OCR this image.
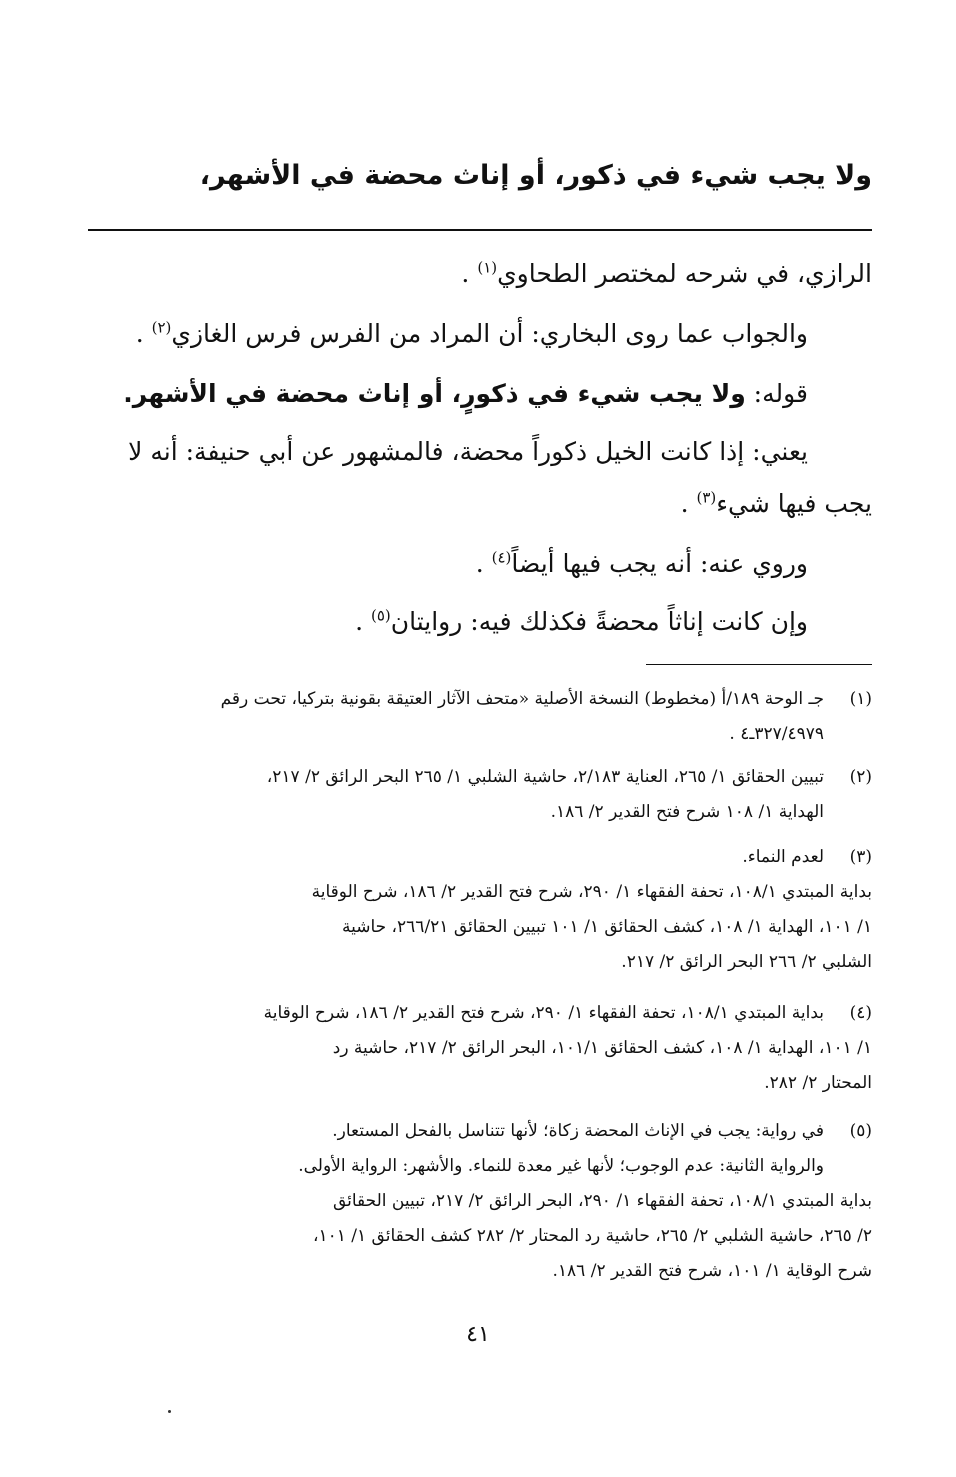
ولا يجب شيء في ذكور، أو إناث محضة في الأشهر،
الرازي، في شرحه لمختصر الطحاوي$^{(١)}$ .
والجواب عما روى البخاري: أن المراد من الفرس فرس الغازي$^{(٢)}$ .
قوله: ولا يجب شيء في ذكورٍ، أو إناث محضة في الأشهر.
يعني: إذا كانت الخيل ذكوراً محضة، فالمشهور عن أبي حنيفة: أنه لا
يجب فيها شيء$^{(٣)}$ .
وروي عنه: أنه يجب فيها أيضاً$^{(٤)}$ .
وإن كانت إناثاً محضةً فكذلك فيه: روايتان$^{(٥)}$ .
(١)
جـ الوحة ١٨٩/أ (مخطوط) النسخة الأصلية «متحف الآثار العتيقة بقونية بتركيا، تحت رقم
٣٢٧/٤٩٧٩ـ٤ .
(٢)
تبيين الحقائق ١/ ٢٦٥، العناية ٢/١٨٣، حاشية الشلبي ١/ ٢٦٥ البحر الرائق ٢/ ٢١٧،
الهداية ١/ ١٠٨ شرح فتح القدير ٢/ ١٨٦.
(٣)
لعدم النماء.
بداية المبتدي ١٠٨/١، تحفة الفقهاء ١/ ٢٩٠، شرح فتح القدير ٢/ ١٨٦، شرح الوقاية
١/ ١٠١، الهداية ١/ ١٠٨، كشف الحقائق ١/ ١٠١ تبيين الحقائق ٢٦٦/٢١، حاشية
الشلبي ٢/ ٢٦٦ البحر الرائق ٢/ ٢١٧.
(٤)
بداية المبتدي ١٠٨/١، تحفة الفقهاء ١/ ٢٩٠، شرح فتح القدير ٢/ ١٨٦، شرح الوقاية
١/ ١٠١، الهداية ١/ ١٠٨، كشف الحقائق ١٠١/١، البحر الرائق ٢/ ٢١٧، حاشية رد
المحتار ٢/ ٢٨٢.
(٥)
في رواية: يجب في الإناث المحضة زكاة؛ لأنها تتناسل بالفحل المستعار.
والرواية الثانية: عدم الوجوب؛ لأنها غير معدة للنماء. والأشهر: الرواية الأولى.
بداية المبتدي ١٠٨/١، تحفة الفقهاء ١/ ٢٩٠، البحر الرائق ٢/ ٢١٧، تبيين الحقائق
٢/ ٢٦٥، حاشية الشلبي ٢/ ٢٦٥، حاشية رد المحتار ٢/ ٢٨٢ كشف الحقائق ١/ ١٠١،
شرح الوقاية ١/ ١٠١، شرح فتح القدير ٢/ ١٨٦.
٤١
